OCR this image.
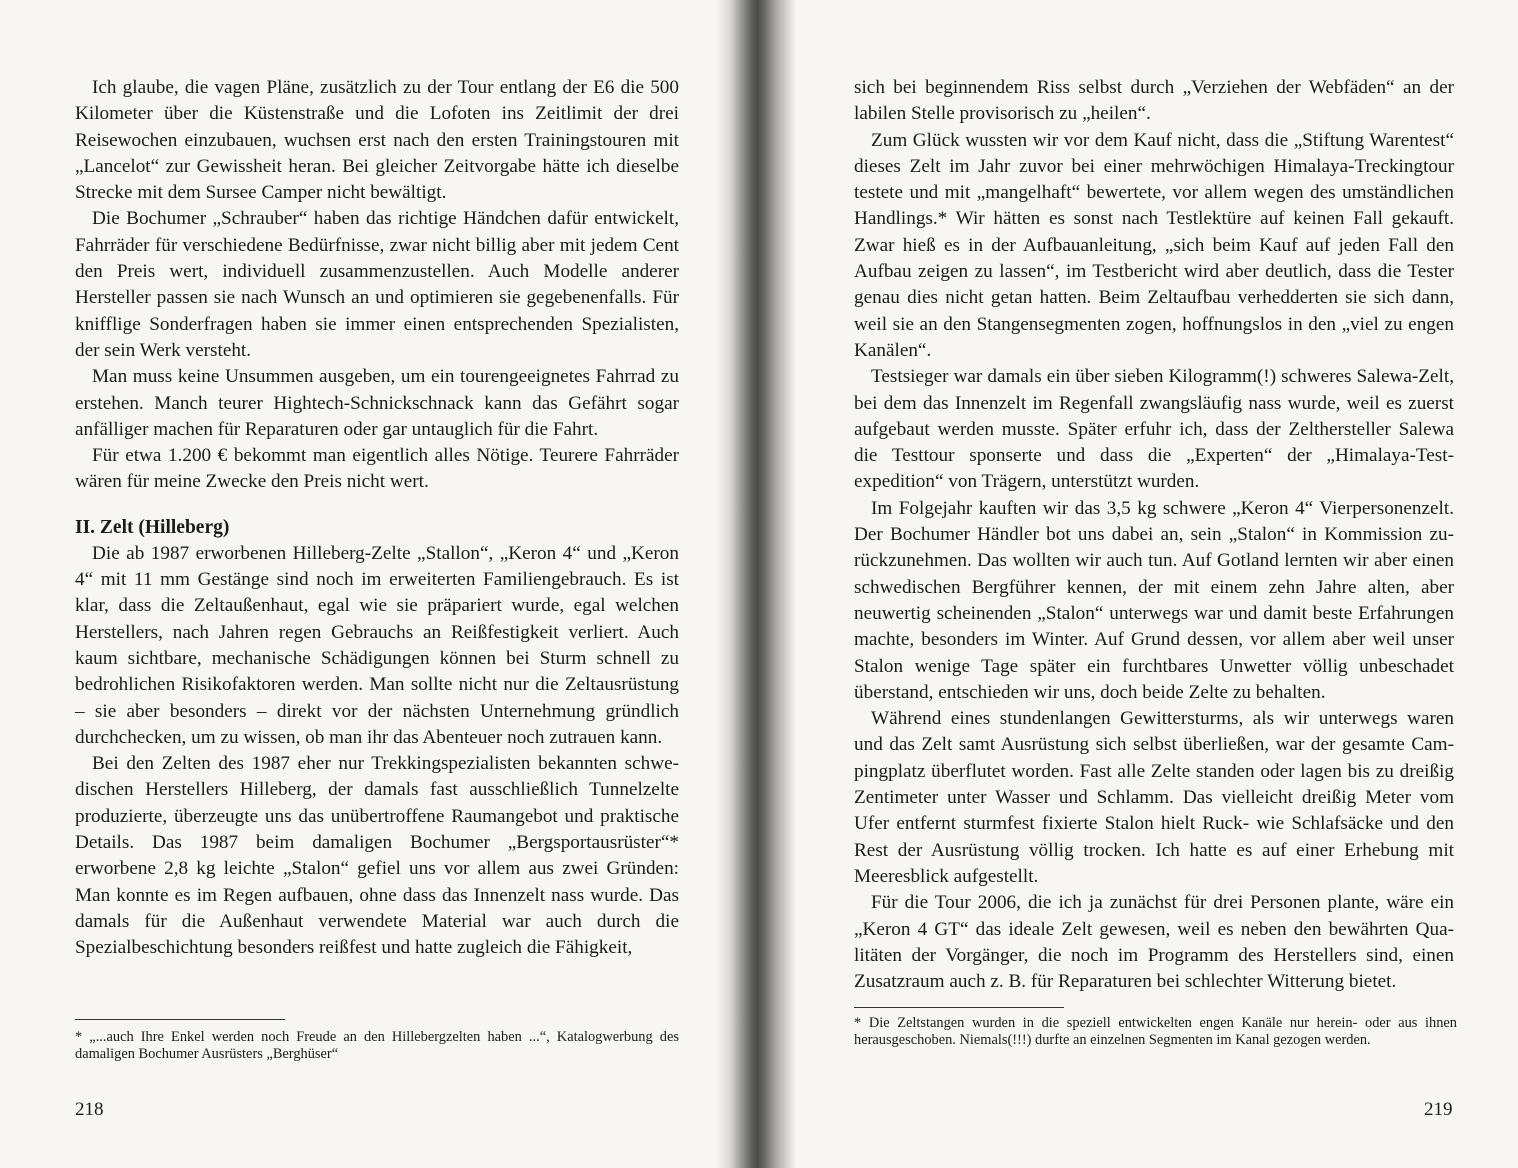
Ich glaube, die vagen Pläne, zusätzlich zu der Tour entlang der E6 die 500 Kilometer über die Küstenstraße und die Lofoten ins Zeitlimit der drei Reisewochen einzubauen, wuchsen erst nach den ersten Trainingstouren mit „Lancelot“ zur Gewissheit heran. Bei gleicher Zeitvorgabe hätte ich dieselbe Strecke mit dem Sursee Camper nicht bewältigt.

Die Bochumer „Schrauber“ haben das richtige Händchen dafür entwickelt, Fahrräder für verschiedene Bedürfnisse, zwar nicht billig aber mit jedem Cent den Preis wert, individuell zusammenzustellen. Auch Modelle anderer Hersteller passen sie nach Wunsch an und optimieren sie gegebenenfalls. Für knifflige Sonderfragen haben sie immer einen entsprechenden Spezialisten, der sein Werk versteht.

Man muss keine Unsummen ausgeben, um ein tourengeeignetes Fahrrad zu erstehen. Manch teurer Hightech-Schnickschnack kann das Gefährt sogar anfälliger machen für Reparaturen oder gar untauglich für die Fahrt.

Für etwa 1.200 € bekommt man eigentlich alles Nötige. Teurere Fahrräder wären für meine Zwecke den Preis nicht wert.

II. Zelt (Hilleberg)

Die ab 1987 erworbenen Hilleberg-Zelte „Stallon“, „Keron 4“ und „Keron 4“ mit 11 mm Gestänge sind noch im erweiterten Familiengebrauch. Es ist klar, dass die Zeltaußenhaut, egal wie sie präpariert wurde, egal welchen Herstellers, nach Jahren regen Gebrauchs an Reißfestigkeit verliert. Auch kaum sichtbare, mechanische Schädigungen können bei Sturm schnell zu bedrohlichen Risikofaktoren werden. Man sollte nicht nur die Zeltausrüstung – sie aber besonders – direkt vor der nächsten Unternehmung gründlich durchchecken, um zu wissen, ob man ihr das Abenteuer noch zutrauen kann.

Bei den Zelten des 1987 eher nur Trekkingspezialisten bekannten schwedischen Herstellers Hilleberg, der damals fast ausschließlich Tunnelzelte produzierte, überzeugte uns das unübertroffene Raumangebot und praktische Details. Das 1987 beim damaligen Bochumer „Bergsportausrüster“* erworbene 2,8 kg leichte „Stalon“ gefiel uns vor allem aus zwei Gründen: Man konnte es im Regen aufbauen, ohne dass das Innenzelt nass wurde. Das damals für die Außenhaut verwendete Material war auch durch die Spezialbeschichtung besonders reißfest und hatte zugleich die Fähigkeit,

* „...auch Ihre Enkel werden noch Freude an den Hillebergzelten haben ...“, Katalogwerbung des damaligen Bochumer Ausrüsters „Berghüser“
218

sich bei beginnendem Riss selbst durch „Verziehen der Webfäden“ an der labilen Stelle provisorisch zu „heilen“.

Zum Glück wussten wir vor dem Kauf nicht, dass die „Stiftung Warentest“ dieses Zelt im Jahr zuvor bei einer mehrwöchigen Himalaya-Treckingtour testete und mit „mangelhaft“ bewertete, vor allem wegen des umständlichen Handlings.* Wir hätten es sonst nach Testlektüre auf keinen Fall gekauft. Zwar hieß es in der Aufbauanleitung, „sich beim Kauf auf jeden Fall den Aufbau zeigen zu lassen“, im Testbericht wird aber deutlich, dass die Tester genau dies nicht getan hatten. Beim Zeltaufbau verhedderten sie sich dann, weil sie an den Stangensegmenten zogen, hoffnungslos in den „viel zu engen Kanälen“.

Testsieger war damals ein über sieben Kilogramm(!) schweres Salewa-Zelt, bei dem das Innenzelt im Regenfall zwangsläufig nass wurde, weil es zuerst aufgebaut werden musste. Später erfuhr ich, dass der Zelthersteller Salewa die Testtour sponserte und dass die „Experten“ der „Himalaya-Testexpedition“ von Trägern, unterstützt wurden.

Im Folgejahr kauften wir das 3,5 kg schwere „Keron 4“ Vierpersonenzelt. Der Bochumer Händler bot uns dabei an, sein „Stalon“ in Kommission zurückzunehmen. Das wollten wir auch tun. Auf Gotland lernten wir aber einen schwedischen Bergführer kennen, der mit einem zehn Jahre alten, aber neuwertig scheinenden „Stalon“ unterwegs war und damit beste Erfahrungen machte, besonders im Winter. Auf Grund dessen, vor allem aber weil unser Stalon wenige Tage später ein furchtbares Unwetter völlig unbeschadet überstand, entschieden wir uns, doch beide Zelte zu behalten.

Während eines stundenlangen Gewittersturms, als wir unterwegs waren und das Zelt samt Ausrüstung sich selbst überließen, war der gesamte Campingplatz überflutet worden. Fast alle Zelte standen oder lagen bis zu dreißig Zentimeter unter Wasser und Schlamm. Das vielleicht dreißig Meter vom Ufer entfernt sturmfest fixierte Stalon hielt Ruck- wie Schlafsäcke und den Rest der Ausrüstung völlig trocken. Ich hatte es auf einer Erhebung mit Meeresblick aufgestellt.

Für die Tour 2006, die ich ja zunächst für drei Personen plante, wäre ein „Keron 4 GT“ das ideale Zelt gewesen, weil es neben den bewährten Qualitäten der Vorgänger, die noch im Programm des Herstellers sind, einen Zusatzraum auch z. B. für Reparaturen bei schlechter Witterung bietet.

* Die Zeltstangen wurden in die speziell entwickelten engen Kanäle nur herein- oder aus ihnen herausgeschoben. Niemals(!!!) durfte an einzelnen Segmenten im Kanal gezogen werden.
219
